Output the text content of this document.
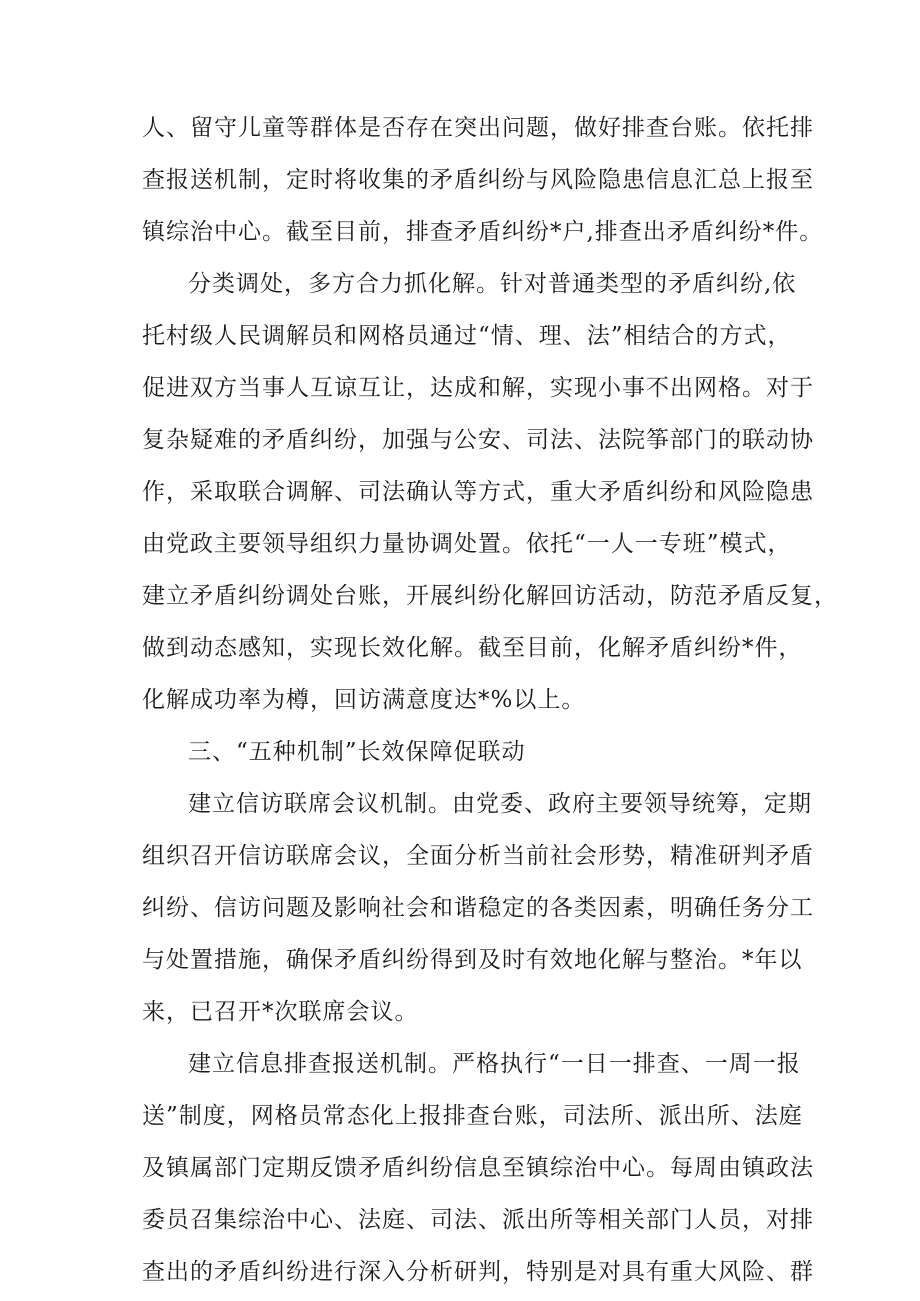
人、留守儿童等群体是否存在突出问题，做好排查台账。依托排
查报送机制，定时将收集的矛盾纠纷与风险隐患信息汇总上报至
镇综治中心。截至目前，排查矛盾纠纷*户,排查出矛盾纠纷*件。
分类调处，多方合力抓化解。针对普通类型的矛盾纠纷,依
托村级人民调解员和网格员通过“情、理、法”相结合的方式，
促进双方当事人互谅互让，达成和解，实现小事不出网格。对于
复杂疑难的矛盾纠纷，加强与公安、司法、法院筝部门的联动协
作，采取联合调解、司法确认等方式，重大矛盾纠纷和风险隐患
由党政主要领导组织力量协调处置。依托“一人一专班”模式，
建立矛盾纠纷调处台账，开展纠纷化解回访活动，防范矛盾反复，
做到动态感知，实现长效化解。截至目前，化解矛盾纠纷*件，
化解成功率为樽，回访满意度达*%以上。
三、“五种机制”长效保障促联动
建立信访联席会议机制。由党委、政府主要领导统筹，定期
组织召开信访联席会议，全面分析当前社会形势，精准研判矛盾
纠纷、信访问题及影响社会和谐稳定的各类因素，明确任务分工
与处置措施，确保矛盾纠纷得到及时有效地化解与整治。*年以
来，已召开*次联席会议。
建立信息排查报送机制。严格执行“一日一排查、一周一报
送”制度，网格员常态化上报排查台账，司法所、派出所、法庭
及镇属部门定期反馈矛盾纠纷信息至镇综治中心。每周由镇政法
委员召集综治中心、法庭、司法、派出所等相关部门人员，对排
查出的矛盾纠纷进行深入分析研判，特别是对具有重大风险、群
